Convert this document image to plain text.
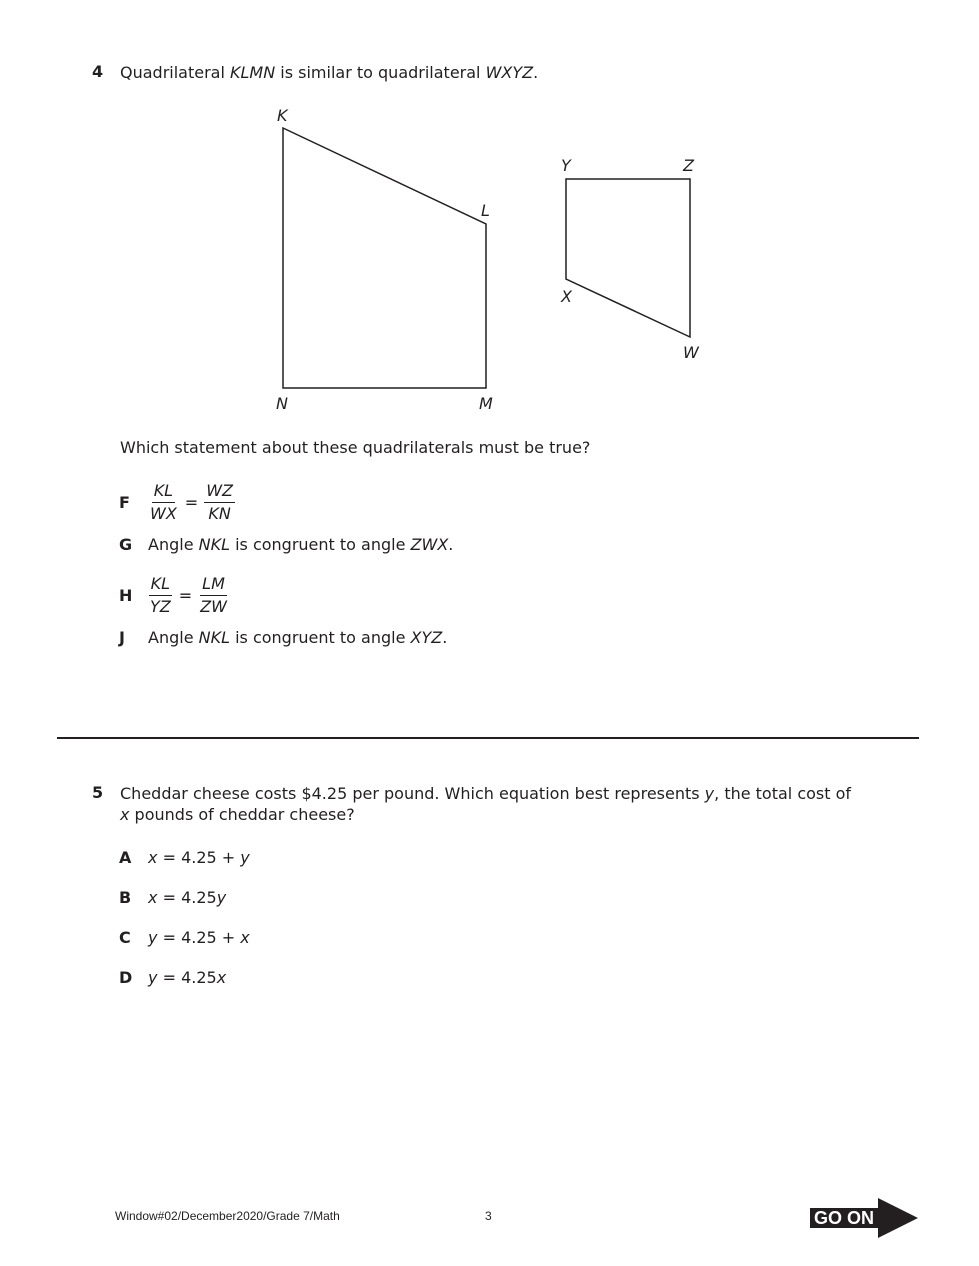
4 Quadrilateral KLMN is similar to quadrilateral WXYZ.
K
L
M
N
Y	Z
X
W
Which statement about these quadrilaterals must be true?
F	$\frac{KL}{WX} = \frac{WZ}{KN}$
G Angle NKL is congruent to angle ZWX.
H $\frac{KL}{YZ} = \frac{LM}{ZW}$
J Angle NKL is congruent to angle XYZ.
5 Cheddar cheese costs $4.25 per pound. Which equation best represents y, the total cost of
x pounds of cheddar cheese?
A x = 4.25 + y
B x = 4.25y
C y = 4.25 + x
D y = 4.25x
Window#02/December2020/Grade 7/Math	3	GO ON
